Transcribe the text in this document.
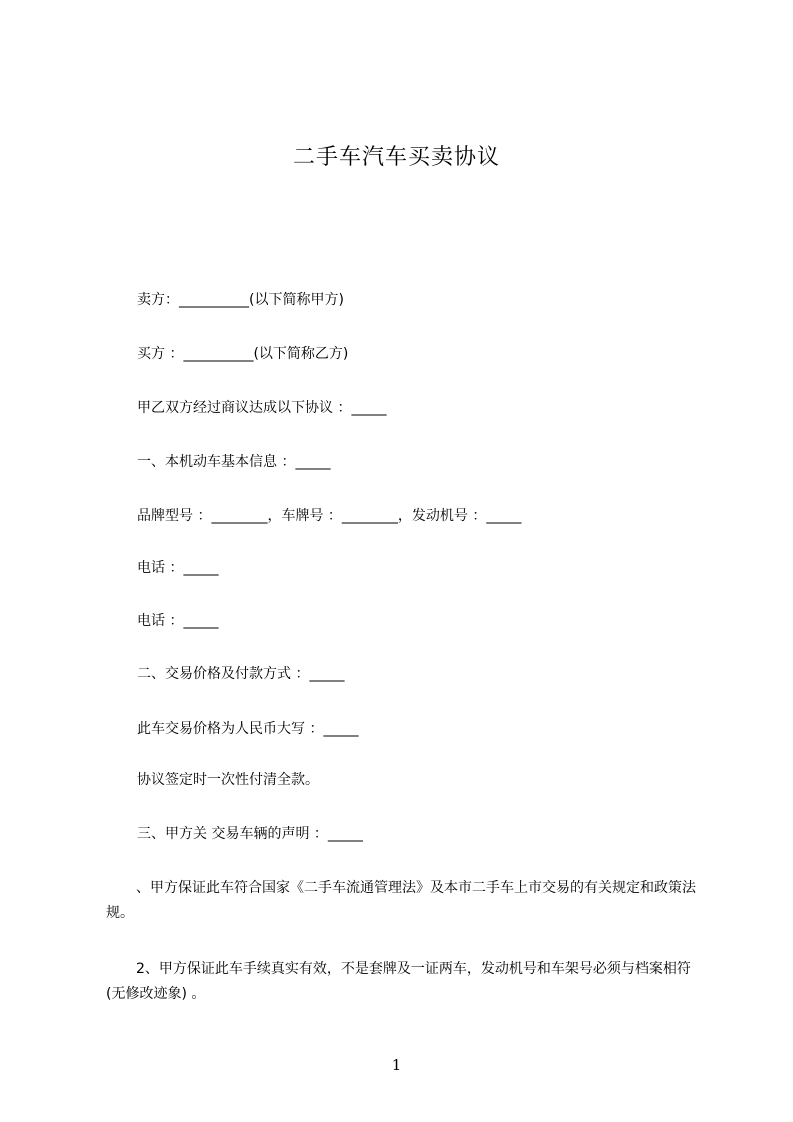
二手车汽车买卖协议
卖方：__________(以下简称甲方)
买方 ：__________(以下简称乙方)
甲乙双方经过商议达成以下协议 ：_____
一、本机动车基本信息 ：_____
品牌型号 ：________，车牌号 ：________，发动机号 ：_____
电话 ：_____
电话 ：_____
二、交易价格及付款方式 ：_____
此车交易价格为人民币大写 ：_____
协议签定时一次性付清全款。
三、甲方关 交易车辆的声明 ：_____
、甲方保证此车符合国家《二手车流通管理法》及本市二手车上市交易的有关规定和政策法规。
2、甲方保证此车手续真实有效，不是套牌及一证两车，发动机号和车架号必须与档案相符(无修改迹象) 。
1
